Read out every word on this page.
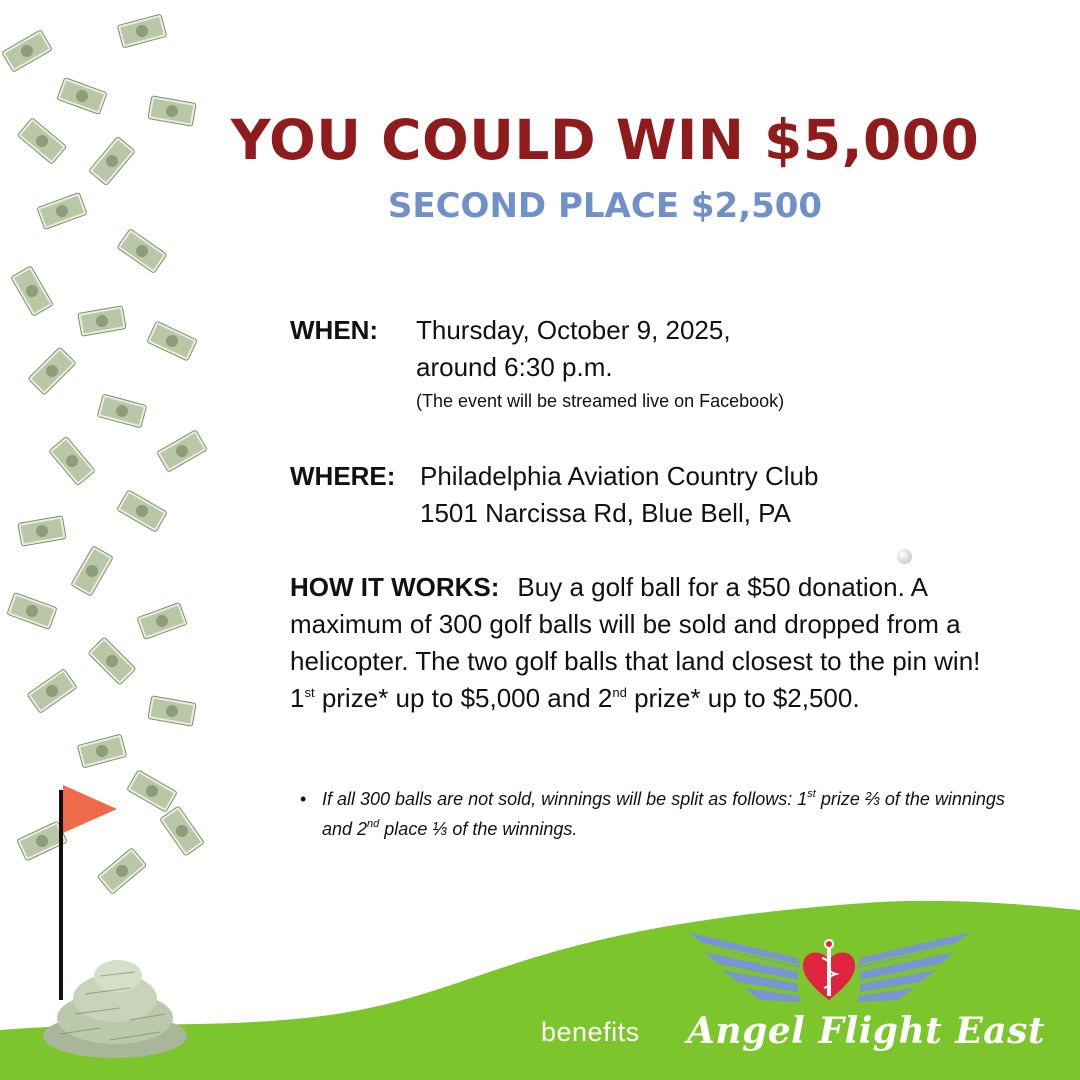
YOU COULD WIN $5,000
SECOND PLACE $2,500
WHEN: Thursday, October 9, 2025,
around 6:30 p.m.
(The event will be streamed live on Facebook)
WHERE: Philadelphia Aviation Country Club
1501 Narcissa Rd, Blue Bell, PA
HOW IT WORKS: Buy a golf ball for a $50 donation. A maximum of 300 golf balls will be sold and dropped from a helicopter. The two golf balls that land closest to the pin win! 1st prize* up to $5,000 and 2nd prize* up to $2,500.
• If all 300 balls are not sold, winnings will be split as follows: 1st prize ⅔ of the winnings and 2nd place ⅓ of the winnings.
benefits Angel Flight East
